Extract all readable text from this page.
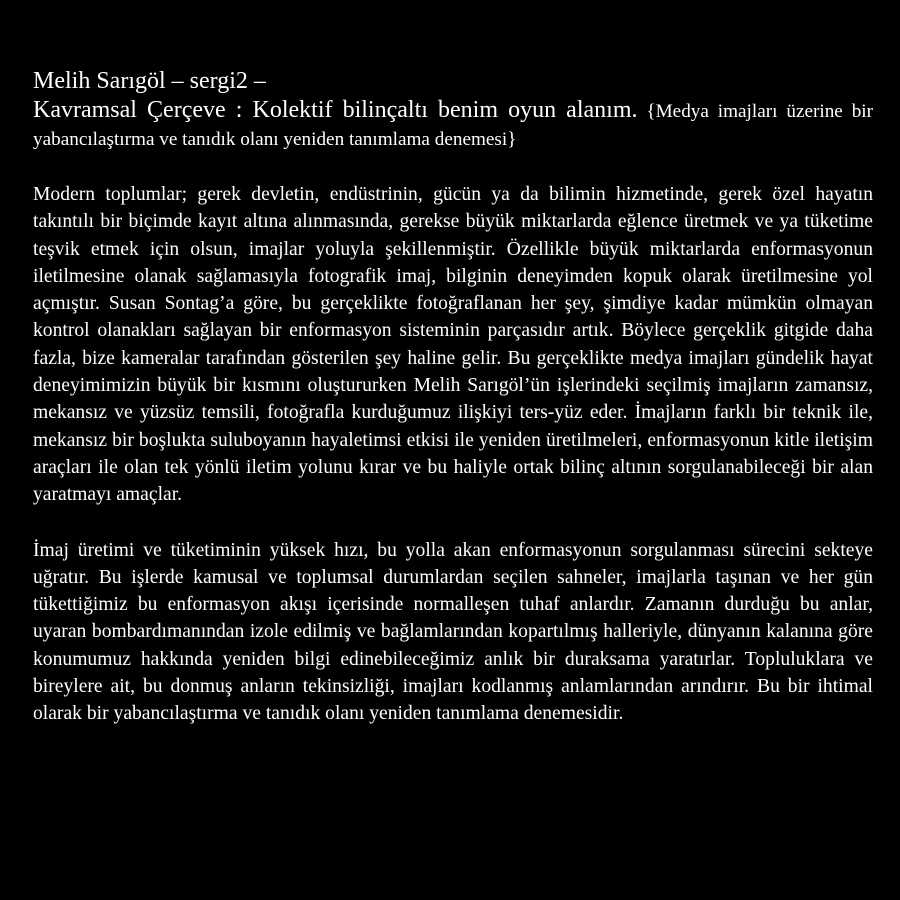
Melih Sarıgöl – sergi2 –

Kavramsal Çerçeve : Kolektif bilinçaltı benim oyun alanım. {Medya imajları üzerine bir yabancılaştırma ve tanıdık olanı yeniden tanımlama denemesi}

Modern toplumlar; gerek devletin, endüstrinin, gücün ya da bilimin hizmetinde, gerek özel hayatın takıntılı bir biçimde kayıt altına alınmasında, gerekse büyük miktarlarda eğlence üretmek ve ya tüketime teşvik etmek için olsun, imajlar yoluyla şekillenmiştir. Özellikle büyük miktarlarda enformasyonun iletilmesine olanak sağlamasıyla fotografik imaj, bilginin deneyimden kopuk olarak üretilmesine yol açmıştır. Susan Sontag’a göre, bu gerçeklikte fotoğraflanan her şey, şimdiye kadar mümkün olmayan kontrol olanakları sağlayan bir enformasyon sisteminin parçasıdır artık. Böylece gerçeklik gitgide daha fazla, bize kameralar tarafından gösterilen şey haline gelir. Bu gerçeklikte medya imajları gündelik hayat deneyimimizin büyük bir kısmını oluştururken Melih Sarıgöl’ün işlerindeki seçilmiş imajların zamansız, mekansız ve yüzsüz temsili, fotoğrafla kurduğumuz ilişkiyi ters-yüz eder. İmajların farklı bir teknik ile, mekansız bir boşlukta suluboyanın hayaletimsi etkisi ile yeniden üretilmeleri, enformasyonun kitle iletişim araçları ile olan tek yönlü iletim yolunu kırar ve bu haliyle ortak bilinç altının sorgulanabileceği bir alan yaratmayı amaçlar.

İmaj üretimi ve tüketiminin yüksek hızı, bu yolla akan enformasyonun sorgulanması sürecini sekteye uğratır. Bu işlerde kamusal ve toplumsal durumlardan seçilen sahneler, imajlarla taşınan ve her gün tükettiğimiz bu enformasyon akışı içerisinde normalleşen tuhaf anlardır. Zamanın durduğu bu anlar, uyaran bombardımanından izole edilmiş ve bağlamlarından kopartılmış halleriyle, dünyanın kalanına göre konumumuz hakkında yeniden bilgi edinebileceğimiz anlık bir duraksama yaratırlar. Topluluklara ve bireylere ait, bu donmuş anların tekinsizliği, imajları kodlanmış anlamlarından arındırır. Bu bir ihtimal olarak bir yabancılaştırma ve tanıdık olanı yeniden tanımlama denemesidir.
